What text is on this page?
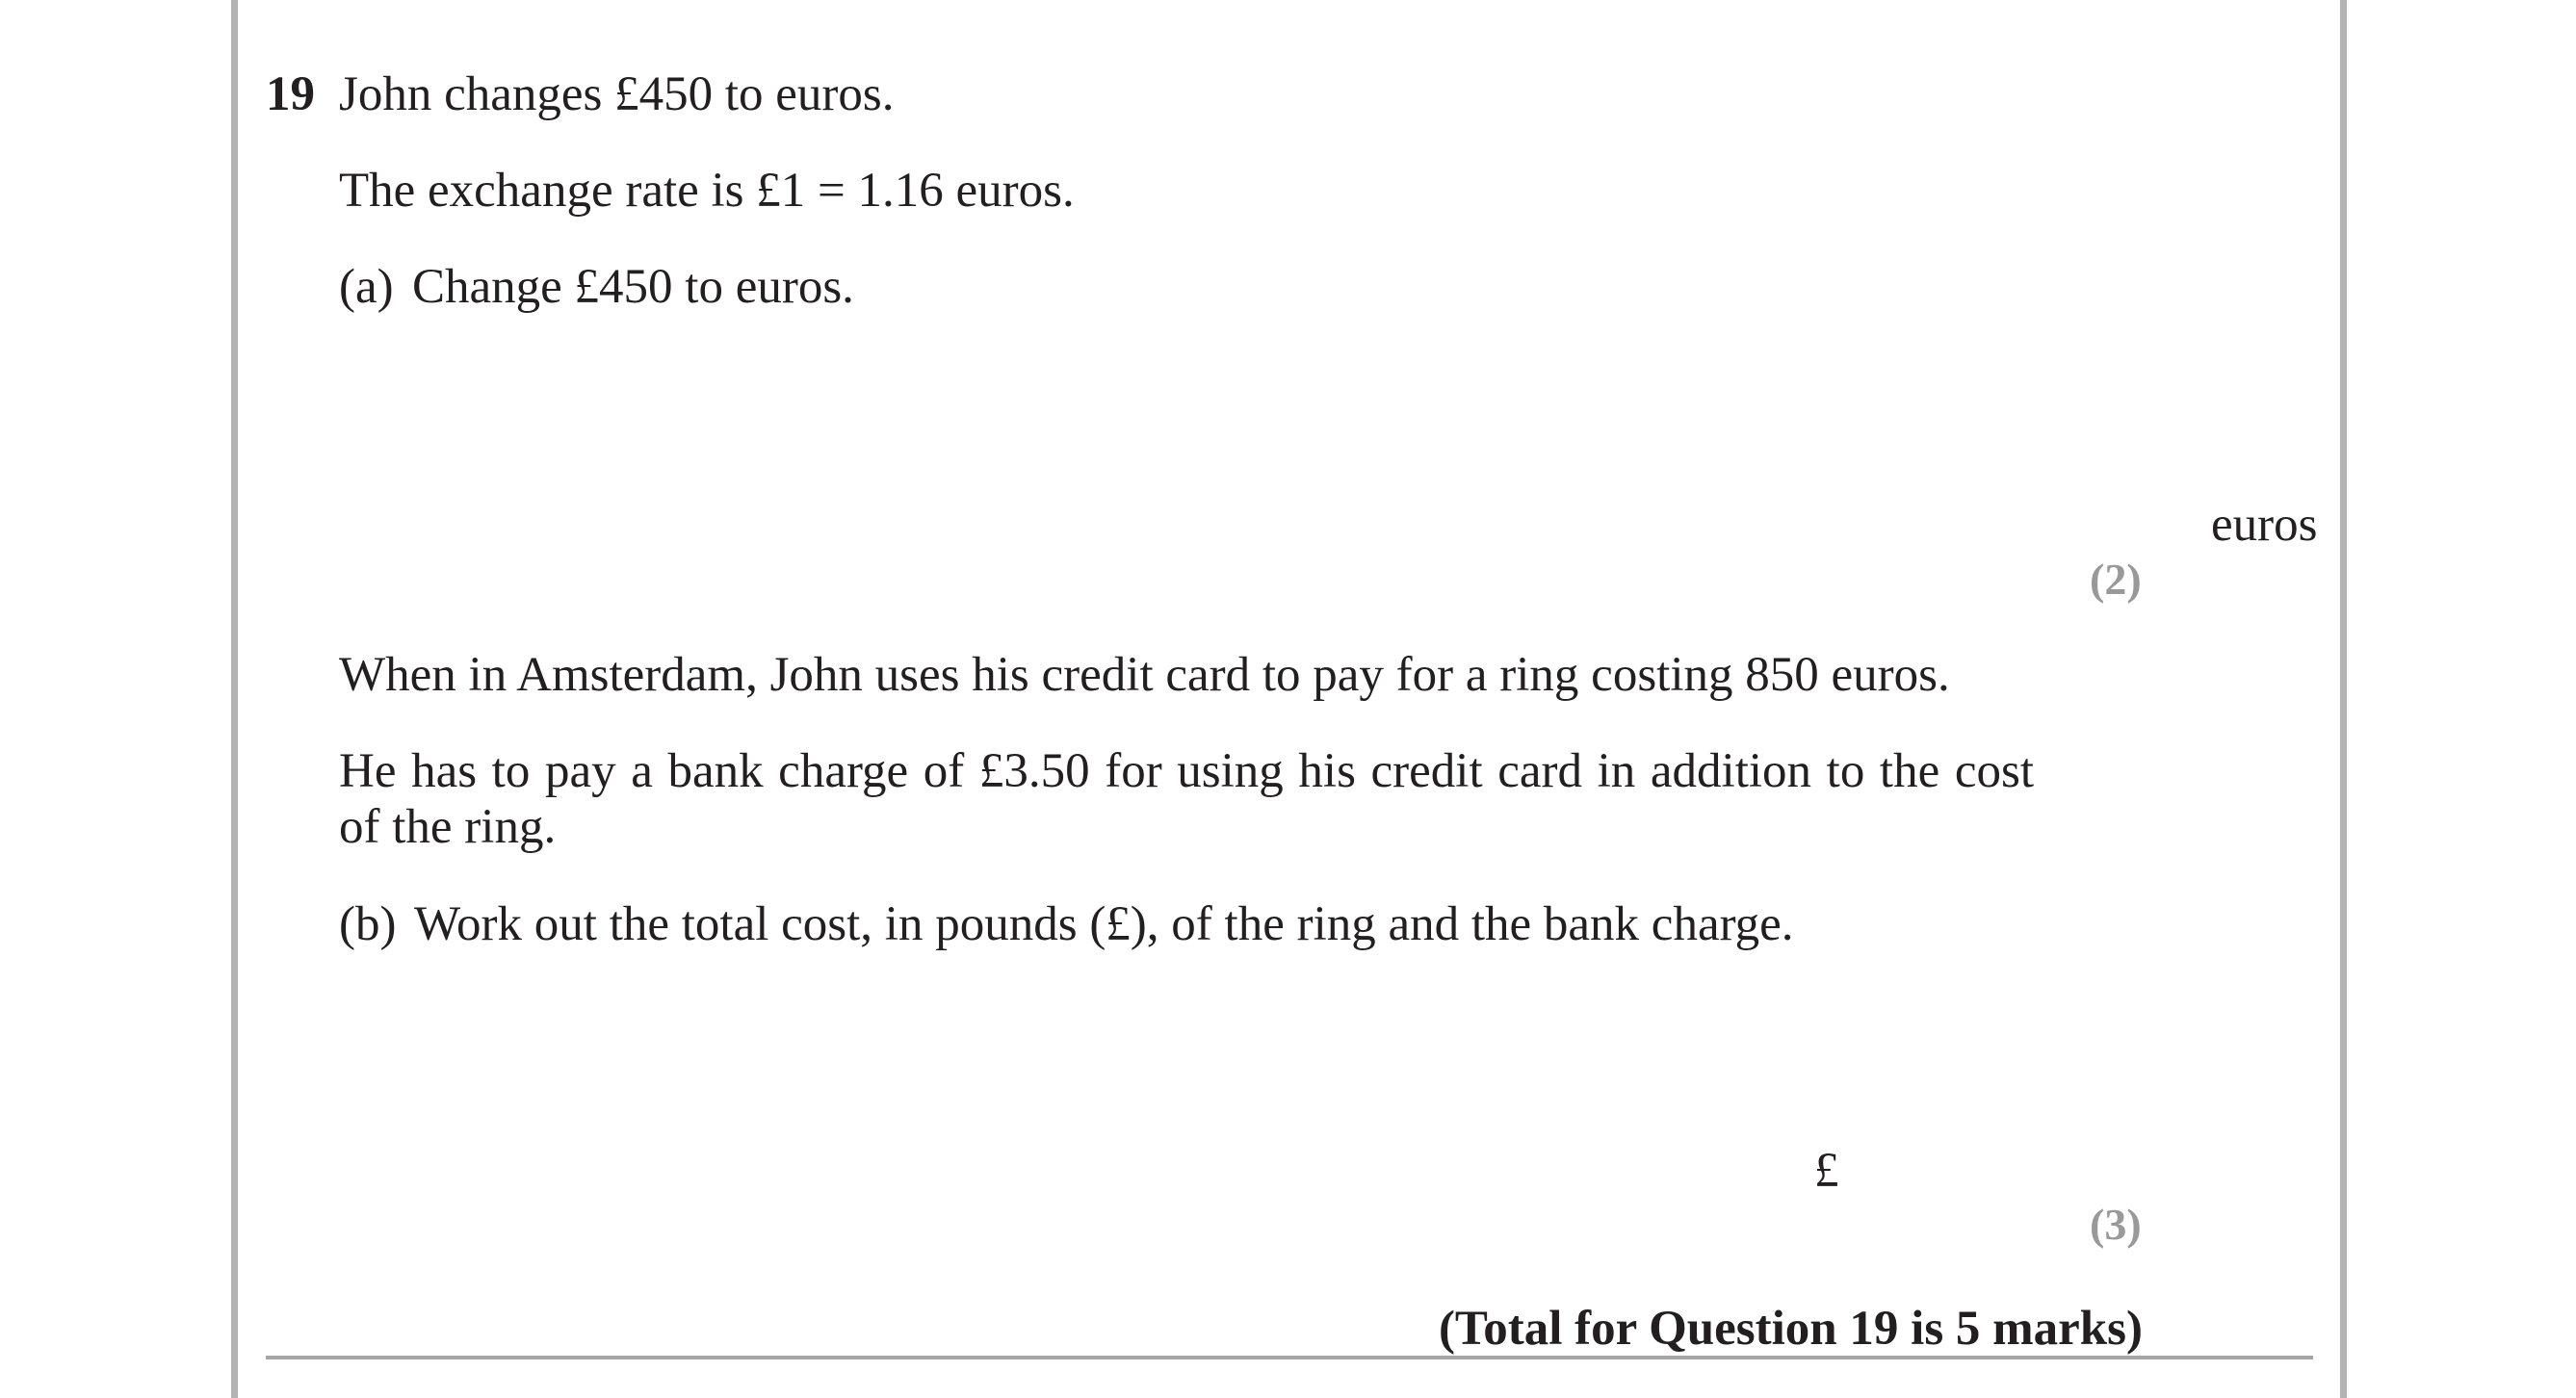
19 John changes £450 to euros.
The exchange rate is £1 = 1.16 euros.
(a) Change £450 to euros.
euros
(2)
When in Amsterdam, John uses his credit card to pay for a ring costing 850 euros.
He has to pay a bank charge of £3.50 for using his credit card in addition to the cost of the ring.
(b) Work out the total cost, in pounds (£), of the ring and the bank charge.
£
(3)
(Total for Question 19 is 5 marks)
